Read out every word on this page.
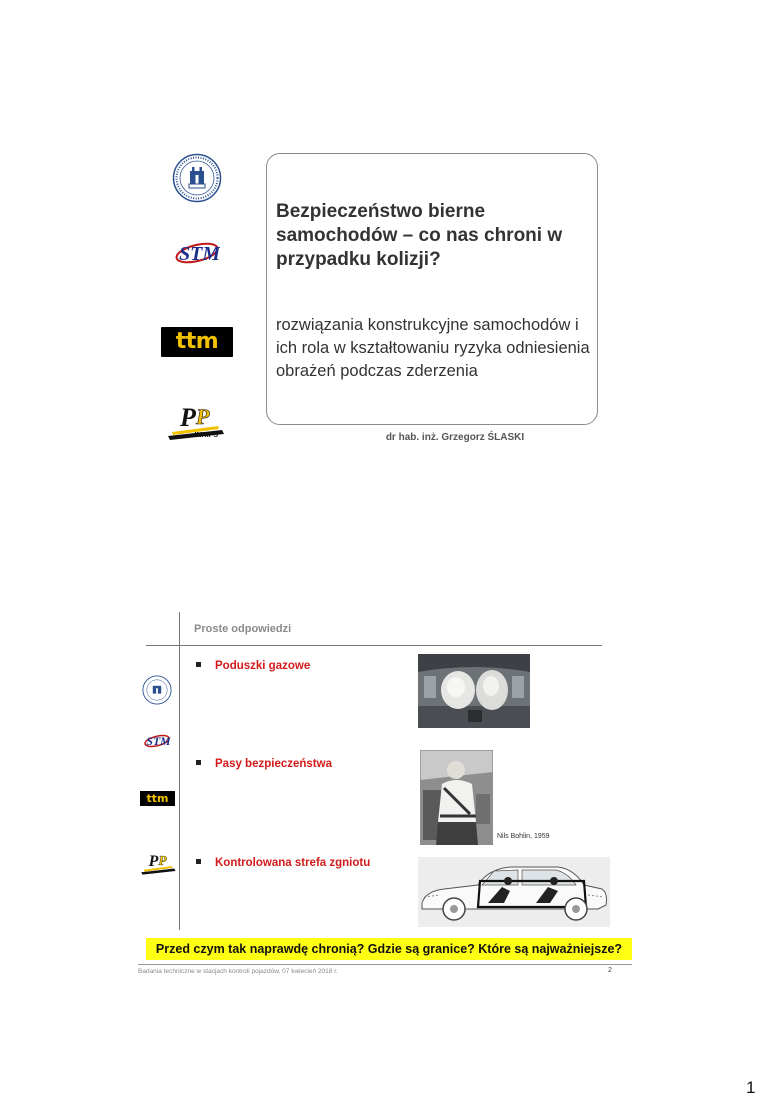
STM
ttm
P P
IMRIPS
Bezpieczeństwo bierne samochodów – co nas chroni w przypadku kolizji?
rozwiązania konstrukcyjne samochodów i ich rola w kształtowaniu ryzyka odniesienia obrażeń podczas zderzenia
dr hab. inż. Grzegorz ŚLASKI
Proste odpowiedzi
STM
ttm
P P
Poduszki gazowe
Pasy bezpieczeństwa
Kontrolowana strefa zgniotu
Nils Bohlin, 1959
Przed czym tak naprawdę chronią? Gdzie są granice? Które są najważniejsze?
Badania techniczne w stacjach kontroli pojazdów, 07 kwiecień 2018 r.	2
1
